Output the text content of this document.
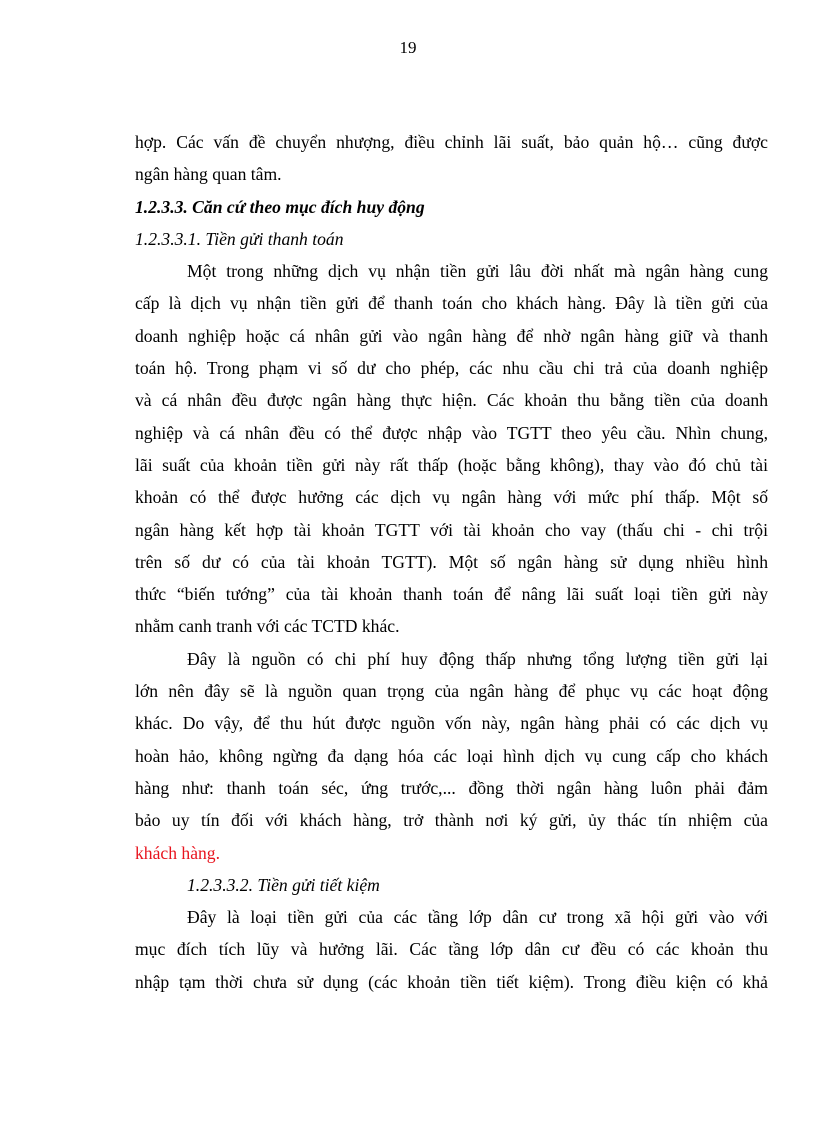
19
hợp. Các vấn đề chuyển nhượng, điều chỉnh lãi suất, bảo quản hộ… cũng được
ngân hàng quan tâm.
1.2.3.3. Căn cứ theo mục đích huy động
1.2.3.3.1. Tiền gửi thanh toán
Một trong những dịch vụ nhận tiền gửi lâu đời nhất mà ngân hàng cung
cấp là dịch vụ nhận tiền gửi để thanh toán cho khách hàng. Đây là tiền gửi của
doanh nghiệp hoặc cá nhân gửi vào ngân hàng để nhờ ngân hàng giữ và thanh
toán hộ. Trong phạm vi số dư cho phép, các nhu cầu chi trả của doanh nghiệp
và cá nhân đều được ngân hàng thực hiện. Các khoản thu bằng tiền của doanh
nghiệp và cá nhân đều có thể được nhập vào TGTT theo yêu cầu. Nhìn chung,
lãi suất của khoản tiền gửi này rất thấp (hoặc bằng không), thay vào đó chủ tài
khoản có thể được hưởng các dịch vụ ngân hàng với mức phí thấp. Một số
ngân hàng kết hợp tài khoản TGTT với tài khoản cho vay (thấu chi - chi trội
trên số dư có của tài khoản TGTT). Một số ngân hàng sử dụng nhiều hình
thức “biến tướng” của tài khoản thanh toán để nâng lãi suất loại tiền gửi này
nhằm canh tranh với các TCTD khác.
Đây là nguồn có chi phí huy động thấp nhưng tổng lượng tiền gửi lại
lớn nên đây sẽ là nguồn quan trọng của ngân hàng để phục vụ các hoạt động
khác. Do vậy, để thu hút được nguồn vốn này, ngân hàng phải có các dịch vụ
hoàn hảo, không ngừng đa dạng hóa các loại hình dịch vụ cung cấp cho khách
hàng như: thanh toán séc, ứng trước,... đồng thời ngân hàng luôn phải đảm
bảo uy tín đối với khách hàng, trở thành nơi ký gửi, ủy thác tín nhiệm của
khách hàng.
1.2.3.3.2. Tiền gửi tiết kiệm
Đây là loại tiền gửi của các tầng lớp dân cư trong xã hội gửi vào với
mục đích tích lũy và hưởng lãi. Các tầng lớp dân cư đều có các khoản thu
nhập tạm thời chưa sử dụng (các khoản tiền tiết kiệm). Trong điều kiện có khả
